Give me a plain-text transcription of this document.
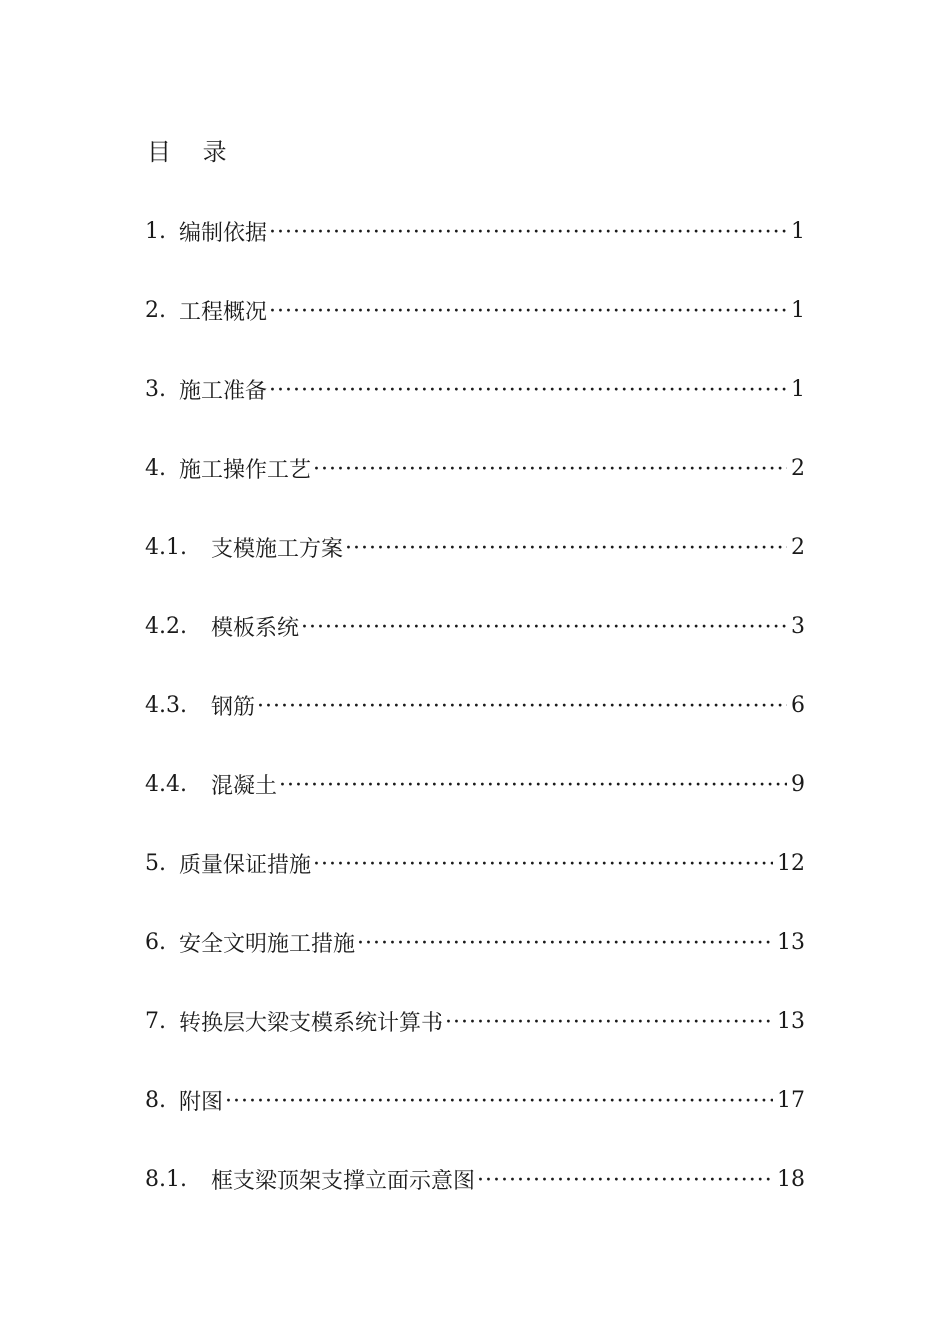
目 录
1. 编制依据 ·····	1
2. 工程概况 ·····	1
3. 施工准备 ·····	1
4. 施工操作工艺 ·····	2
4.1.	支模施工方案 ·····	2
4.2.	模板系统 ·····	3
4.3.	钢筋 ·····	6
4.4.	混凝土 ·····	9
5. 质量保证措施 ·····	12
6. 安全文明施工措施 ·····	13
7. 转换层大梁支模系统计算书 ·····	13
8. 附图 ·····	17
8.1.	框支梁顶架支撑立面示意图 ·····	18
